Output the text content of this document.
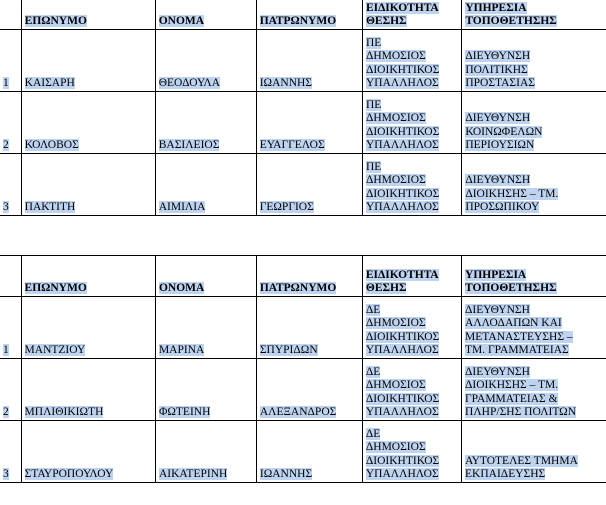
	ΕΠΩΝΥΜΟ	ΟΝΟΜΑ	ΠΑΤΡΩΝΥΜΟ	ΕΙΔΙΚΟΤΗΤΑ
ΘΕΣΗΣ	ΥΠΗΡΕΣΙΑ
ΤΟΠΟΘΕΤΗΣΗΣ

1	ΚΑΙΣΑΡΗ	ΘΕΟΔΟΥΛΑ	ΙΩΑΝΝΗΣ	ΠΕ
ΔΗΜΟΣΙΟΣ
ΔΙΟΙΚΗΤΙΚΟΣ
ΥΠΑΛΛΗΛΟΣ	ΔΙΕΥΘΥΝΣΗ
ΠΟΛΙΤΙΚΗΣ
ΠΡΟΣΤΑΣΙΑΣ

2	ΚΟΛΟΒΟΣ	ΒΑΣΙΛΕΙΟΣ	ΕΥΑΓΓΕΛΟΣ	ΠΕ
ΔΗΜΟΣΙΟΣ
ΔΙΟΙΚΗΤΙΚΟΣ
ΥΠΑΛΛΗΛΟΣ	ΔΙΕΥΘΥΝΣΗ
ΚΟΙΝΩΦΕΛΩΝ
ΠΕΡΙΟΥΣΙΩΝ

3	ΠΑΚΤΙΤΗ	ΑΙΜΙΛΙΑ	ΓΕΩΡΓΙΟΣ	ΠΕ
ΔΗΜΟΣΙΟΣ
ΔΙΟΙΚΗΤΙΚΟΣ
ΥΠΑΛΛΗΛΟΣ	ΔΙΕΥΘΥΝΣΗ
ΔΙΟΙΚΗΣΗΣ – ΤΜ.
ΠΡΟΣΩΠΙΚΟΥ
	ΕΠΩΝΥΜΟ	ΟΝΟΜΑ	ΠΑΤΡΩΝΥΜΟ	ΕΙΔΙΚΟΤΗΤΑ
ΘΕΣΗΣ	ΥΠΗΡΕΣΙΑ
ΤΟΠΟΘΕΤΗΣΗΣ

1	ΜΑΝΤΖΙΟΥ	ΜΑΡΙΝΑ	ΣΠΥΡΙΔΩΝ	ΔΕ
ΔΗΜΟΣΙΟΣ
ΔΙΟΙΚΗΤΙΚΟΣ
ΥΠΑΛΛΗΛΟΣ	ΔΙΕΥΘΥΝΣΗ
ΑΛΛΟΔΑΠΩΝ ΚΑΙ
ΜΕΤΑΝΑΣΤΕΥΣΗΣ –
ΤΜ. ΓΡΑΜΜΑΤΕΙΑΣ

2	ΜΠΛΙΘΙΚΙΩΤΗ	ΦΩΤΕΙΝΗ	ΑΛΕΞΑΝΔΡΟΣ	ΔΕ
ΔΗΜΟΣΙΟΣ
ΔΙΟΙΚΗΤΙΚΟΣ
ΥΠΑΛΛΗΛΟΣ	ΔΙΕΥΘΥΝΣΗ
ΔΙΟΙΚΗΣΗΣ – ΤΜ.
ΓΡΑΜΜΑΤΕΙΑΣ &
ΠΛΗΡ/ΣΗΣ ΠΟΛΙΤΩΝ

3	ΣΤΑΥΡΟΠΟΥΛΟΥ	ΑΙΚΑΤΕΡΙΝΗ	ΙΩΑΝΝΗΣ	ΔΕ
ΔΗΜΟΣΙΟΣ
ΔΙΟΙΚΗΤΙΚΟΣ
ΥΠΑΛΛΗΛΟΣ	ΑΥΤΟΤΕΛΕΣ ΤΜΗΜΑ
ΕΚΠΑΙΔΕΥΣΗΣ
